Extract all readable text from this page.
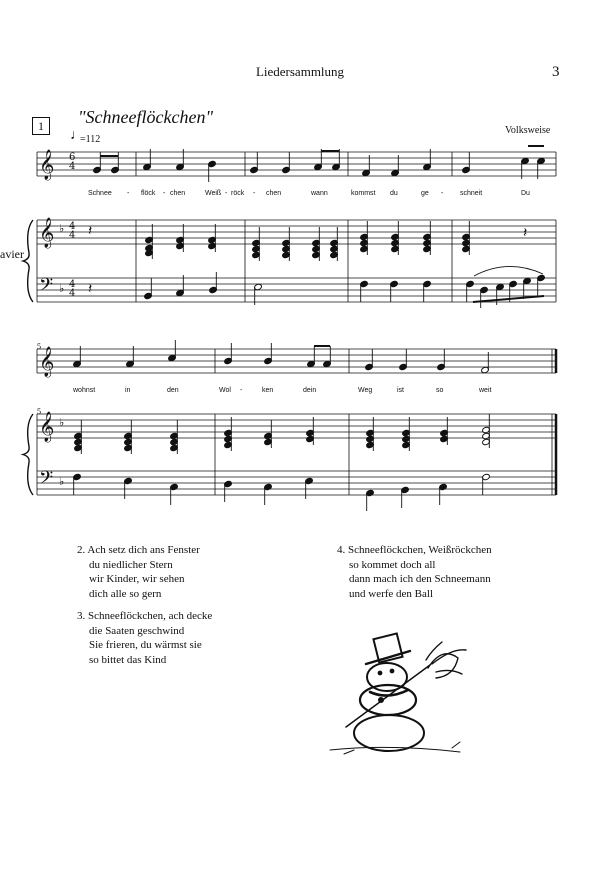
Liedersammlung	3
1	"Schneeflöckchen"
♩
=112
Volksweise
avier
𝄞 6
4
𝄞 ♭ 4
4
𝄢 ♭ 4
4
𝄞
𝄞 ♭
𝄢 ♭
𝄽
𝄽
𝄽
5
5
Schnee - flöck - chen	Weiß - röck - chen	wann	kommst du	ge - schneit	Du
wohnst	in	den	Wol -	ken	dein	Weg	ist	so	weit
2. Ach setz dich ans Fenster
du niedlicher Stern
wir Kinder, wir sehen
dich alle so gern
3. Schneeflöckchen, ach decke
die Saaten geschwind
Sie frieren, du wärmst sie
so bittet das Kind
4. Schneeflöckchen, Weißröckchen
so kommet doch all
dann mach ich den Schneemann
und werfe den Ball
